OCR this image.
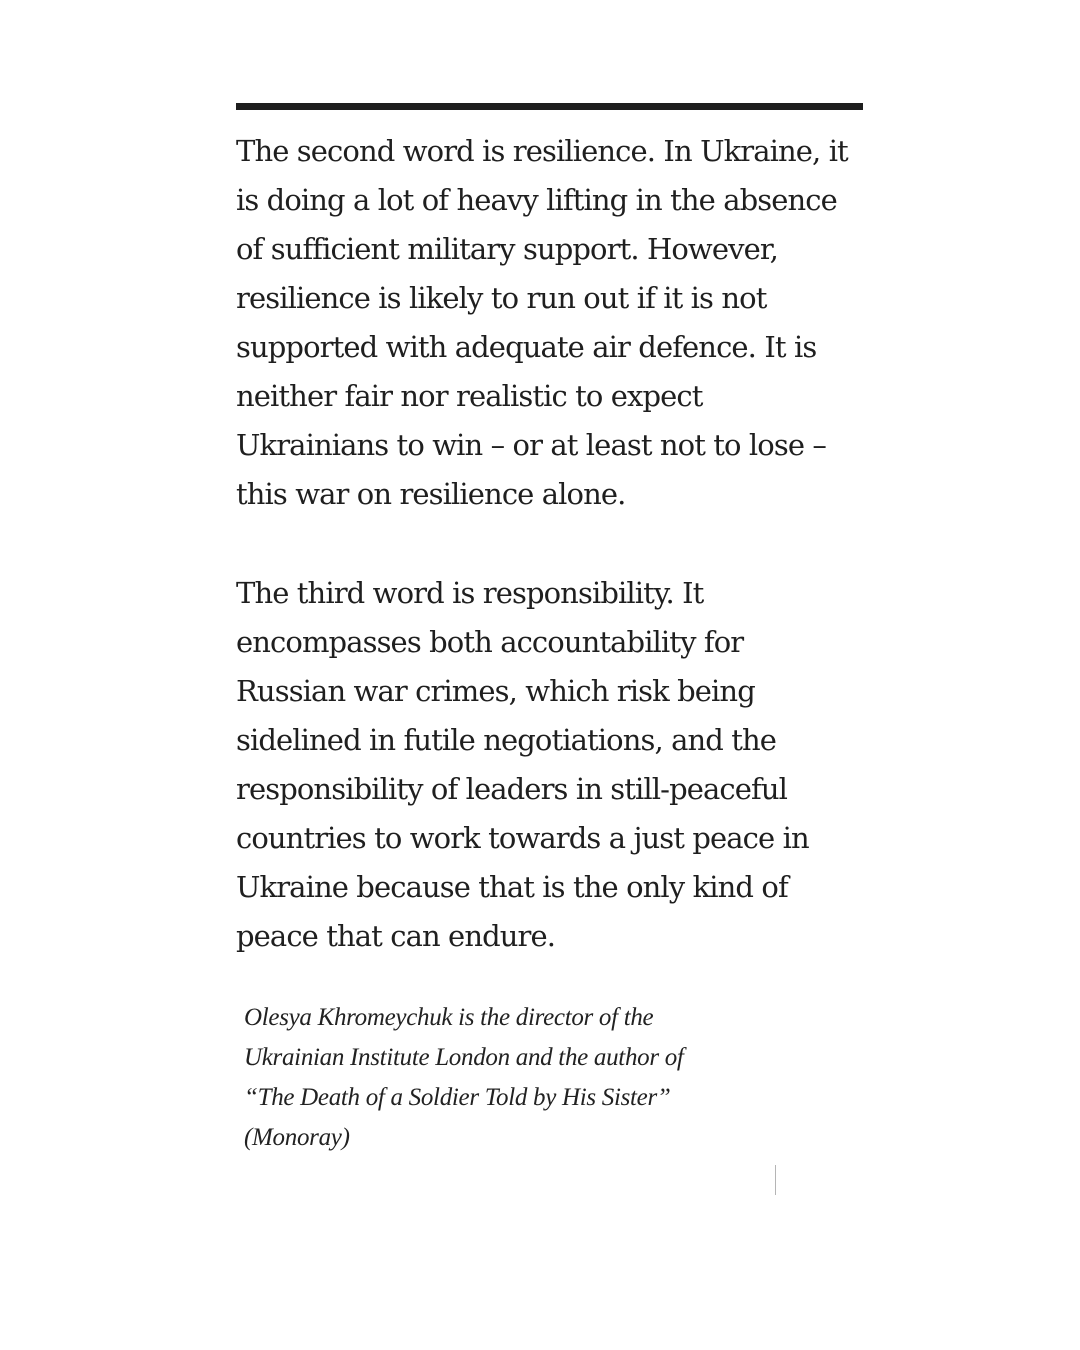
The second word is resilience. In Ukraine, it
is doing a lot of heavy lifting in the absence
of sufficient military support. However,
resilience is likely to run out if it is not
supported with adequate air defence. It is
neither fair nor realistic to expect
Ukrainians to win – or at least not to lose –
this war on resilience alone.

The third word is responsibility. It
encompasses both accountability for
Russian war crimes, which risk being
sidelined in futile negotiations, and the
responsibility of leaders in still-peaceful
countries to work towards a just peace in
Ukraine because that is the only kind of
peace that can endure.

Olesya Khromeychuk is the director of the
Ukrainian Institute London and the author of
“The Death of a Soldier Told by His Sister”
(Monoray)
